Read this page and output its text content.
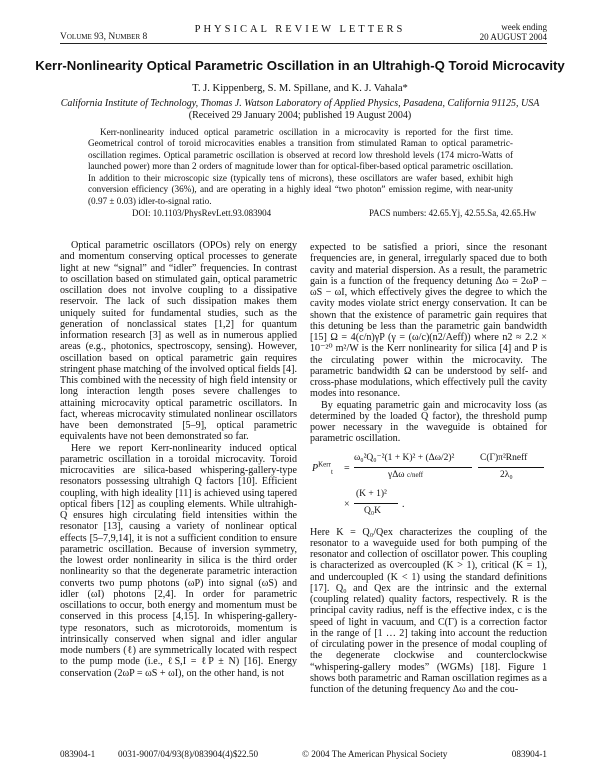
Volume 93, Number 8
PHYSICAL REVIEW LETTERS	week ending
20 AUGUST 2004
Kerr-Nonlinearity Optical Parametric Oscillation in an Ultrahigh-Q Toroid Microcavity
T. J. Kippenberg, S. M. Spillane, and K. J. Vahala*
California Institute of Technology, Thomas J. Watson Laboratory of Applied Physics, Pasadena, California 91125, USA
(Received 29 January 2004; published 19 August 2004)
Kerr-nonlinearity induced optical parametric oscillation in a microcavity is reported for the first time. Geometrical control of toroid microcavities enables a transition from stimulated Raman to optical parametric-oscillation regimes. Optical parametric oscillation is observed at record low threshold levels (174 micro-Watts of launched power) more than 2 orders of magnitude lower than for optical-fiber-based optical parametric oscillation. In addition to their microscopic size (typically tens of microns), these oscillators are wafer based, exhibit high conversion efficiency (36%), and are operating in a highly ideal “two photon” emission regime, with near-unity (0.97 ± 0.03) idler-to-signal ratio.
DOI: 10.1103/PhysRevLett.93.083904	PACS numbers: 42.65.Yj, 42.55.Sa, 42.65.Hw

Optical parametric oscillators (OPOs) rely on energy and momentum conserving optical processes to generate light at new “signal” and “idler” frequencies. In contrast to oscillation based on stimulated gain, optical parametric oscillation does not involve coupling to a dissipative reservoir. The lack of such dissipation makes them uniquely suited for fundamental studies, such as the generation of nonclassical states [1,2] for quantum information research [3] as well as in numerous applied areas (e.g., photonics, spectroscopy, sensing). However, oscillation based on optical parametric gain requires stringent phase matching of the involved optical fields [4]. This combined with the necessity of high field intensity or long interaction length poses severe challenges to attaining microcavity optical parametric oscillators. In fact, whereas microcavity stimulated nonlinear oscillators have been demonstrated [5–9], optical parametric equivalents have not been demonstrated so far.

Here we report Kerr-nonlinearity induced optical parametric oscillation in a toroidal microcavity. Toroid microcavities are silica-based whispering-gallery-type resonators possessing ultrahigh Q factors [10]. Efficient coupling, with high ideality [11] is achieved using tapered optical fibers [12] as coupling elements. While ultrahigh-Q ensures high circulating field intensities within the resonator [13], causing a variety of nonlinear optical effects [5–7,9,14], it is not a sufficient condition to ensure parametric oscillation. Because of inversion symmetry, the lowest order nonlinearity in silica is the third order nonlinearity so that the degenerate parametric interaction converts two pump photons (ωP) into signal (ωS) and idler (ωI) photons [2,4]. In order for parametric oscillations to occur, both energy and momentum must be conserved in this process [4,15]. In whispering-gallery-type resonators, such as microtoroids, momentum is intrinsically conserved when signal and idler angular mode numbers (ℓ) are symmetrically located with respect to the pump mode (i.e., ℓS,I = ℓP ± N) [16]. Energy conservation (2ωP = ωS + ωI), on the other hand, is not

expected to be satisfied a priori, since the resonant frequencies are, in general, irregularly spaced due to both cavity and material dispersion. As a result, the parametric gain is a function of the frequency detuning Δω = 2ωP − ωS − ωI, which effectively gives the degree to which the cavity modes violate strict energy conservation. It can be shown that the existence of parametric gain requires that this detuning be less than the parametric gain bandwidth [15] Ω = 4(c/n)γP (γ = (ω/c)(n2/Aeff)) where n2 ≈ 2.2 × 10⁻²⁰ m²/W is the Kerr nonlinearity for silica [4] and P is the circulating power within the microcavity. The parametric bandwidth Ω can be understood by self- and cross-phase modulations, which effectively pull the cavity modes into resonance.

By equating parametric gain and microcavity loss (as determined by the loaded Q factor), the threshold pump power necessary in the waveguide is obtained for parametric oscillation.

$P^{Kerr}_t$ =
ω₀²Q₀⁻²(1 + K)² + (Δω/2)²
γΔω c/neff
C(Γ)π²Rneff
2λ₀
×
(K + 1)²
Q₀K
.

Here K = Q₀/Qex characterizes the coupling of the resonator to a waveguide used for both pumping of the resonator and collection of oscillator power. This coupling is characterized as overcoupled (K > 1), critical (K = 1), and undercoupled (K < 1) using the standard definitions [17]. Q₀ and Qex are the intrinsic and the external (coupling related) quality factors, respectively. R is the principal cavity radius, neff is the effective index, c is the speed of light in vacuum, and C(Γ) is a correction factor in the range of [1 … 2] taking into account the reduction of circulating power in the presence of modal coupling of the degenerate clockwise and counterclockwise “whispering-gallery modes” (WGMs) [18]. Figure 1 shows both parametric and Raman oscillation regimes as a function of the detuning frequency Δω and the cou-

083904-1 0031-9007/04/93(8)/083904(4)$22.50	© 2004 The American Physical Society	083904-1
